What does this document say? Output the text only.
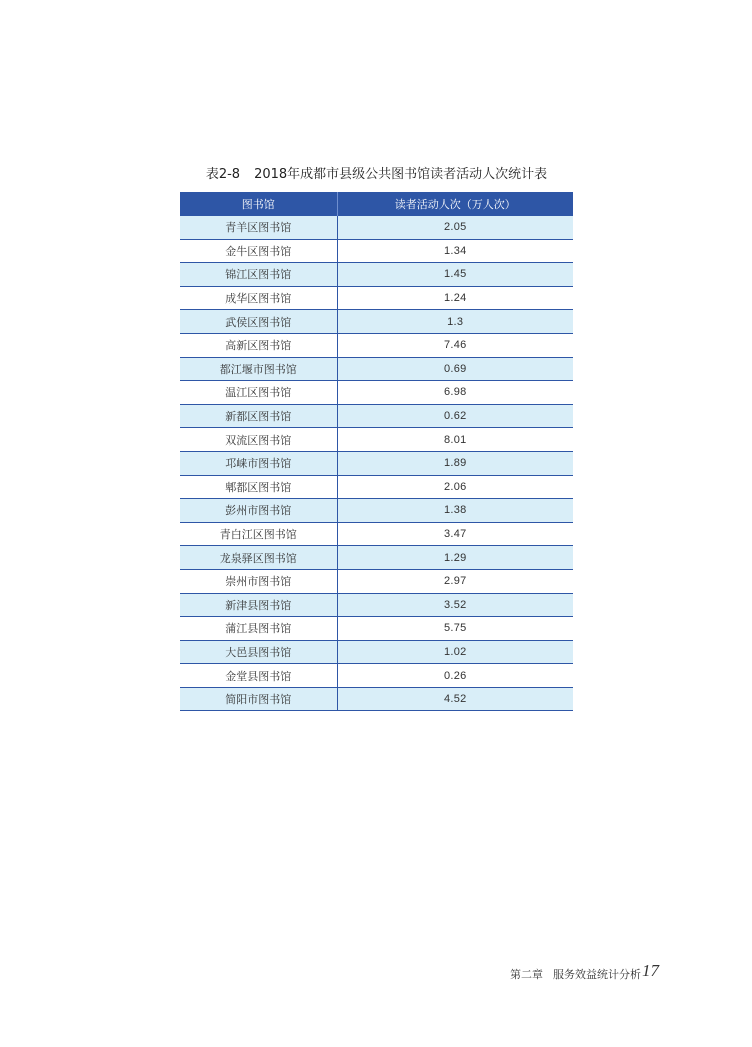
表2-8 2018年成都市县级公共图书馆读者活动人次统计表
图书馆	读者活动人次（万人次）
青羊区图书馆	2.05
金牛区图书馆	1.34
锦江区图书馆	1.45
成华区图书馆	1.24
武侯区图书馆	1.3
高新区图书馆	7.46
都江堰市图书馆	0.69
温江区图书馆	6.98
新都区图书馆	0.62
双流区图书馆	8.01
邛崃市图书馆	1.89
郫都区图书馆	2.06
彭州市图书馆	1.38
青白江区图书馆	3.47
龙泉驿区图书馆	1.29
崇州市图书馆	2.97
新津县图书馆	3.52
蒲江县图书馆	5.75
大邑县图书馆	1.02
金堂县图书馆	0.26
简阳市图书馆	4.52
第二章 服务效益统计分析 17
